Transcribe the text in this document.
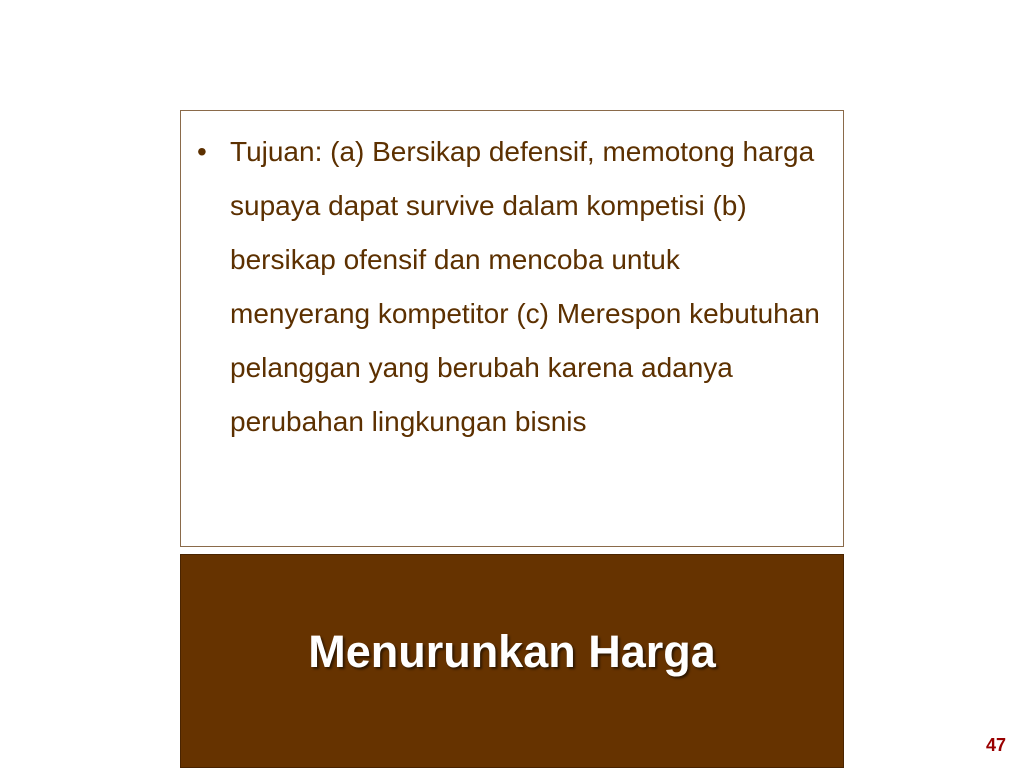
• Tujuan: (a) Bersikap defensif, memotong harga supaya dapat survive dalam kompetisi (b) bersikap ofensif dan mencoba untuk menyerang kompetitor (c) Merespon kebutuhan pelanggan yang berubah karena adanya perubahan lingkungan bisnis
Menurunkan Harga
47
